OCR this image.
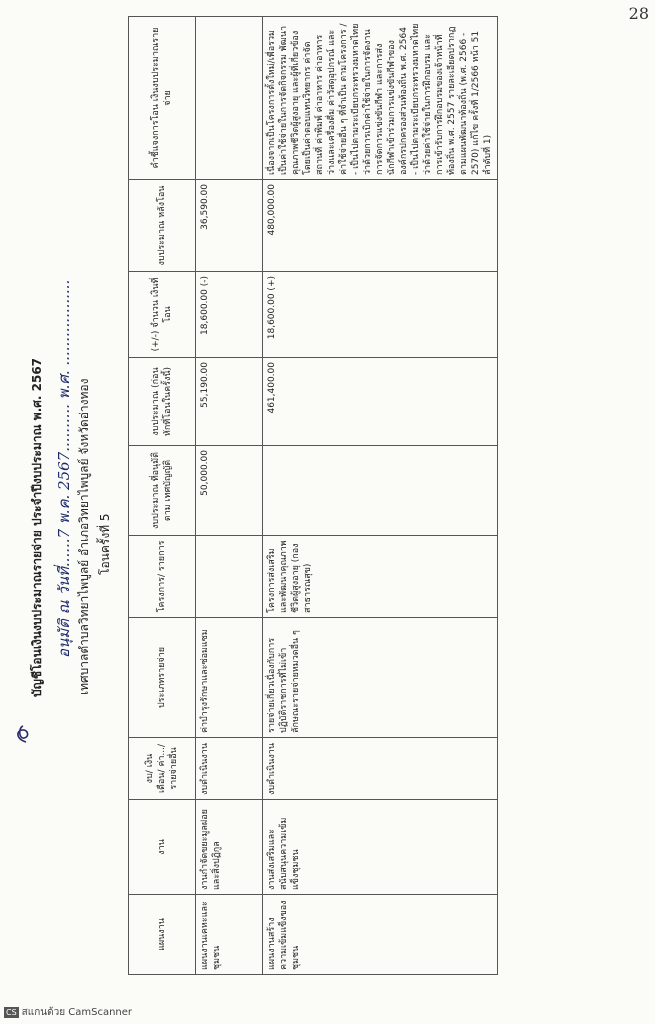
28
บัญชีโอนเงินงบประมาณรายจ่าย ประจำปีงบประมาณ พ.ศ. 2567 อนุมัติ ณ วันที่......7 พ.ค. 2567.......... พ.ศ. .................. เทศบาลตำบลวิทยาไพบูลย์ อำเภอวิทยาไพบูลย์ จังหวัดอ่างทอง โอนครั้งที่ 5
แผนงาน	งาน	งบ/ เงินเดือน/ ค่า.../ รายจ่ายอื่น	ประเภทรายจ่าย	โครงการ/ รายการ	งบประมาณ ที่อนุมัติตาม เทศบัญญัติ	งบประมาณ (ก่อนหักที่โอนในครั้งนี้)	(+/-) จำนวน เงินที่โอน	งบประมาณ หลังโอน	คำชี้แจงการโอน เงินงบประมาณรายจ่าย
แผนงานเคหะและชุมชน	งานกำจัดขยะมูลฝอยและสิ่งปฏิกูล	งบดำเนินงาน	ค่าบำรุงรักษาและซ่อมแซม		50,000.00	55,190.00	18,600.00 (-)	36,590.00	
แผนงานสร้างความเข้มแข็งของชุมชน	งานส่งเสริมและสนับสนุนความเข้มแข็งชุมชน	งบดำเนินงาน	รายจ่ายเกี่ยวเนื่องกับการปฏิบัติราชการที่ไม่เข้าลักษณะรายจ่ายหมวดอื่น ๆ	โครงการส่งเสริมและพัฒนาคุณภาพชีวิตผู้สูงอายุ (กองสาธารณสุข)		461,400.00	18,600.00 (+)	480,000.00	เนื่องจากเป็นโครงการตั้งใหม่/เพื่อรวมเป็นค่าใช้จ่ายในการจัดกิจกรรม พัฒนาคุณภาพชีวิตผู้สูงอายุ และผู้ที่เกี่ยวข้อง โดยเป็นค่าตอบแทนวิทยากร ค่าจัดสถานที่ ค่าพิมพ์ ค่าอาหาร ค่าอาหารว่างและเครื่องดื่ม ค่าวัสดุอุปกรณ์ และค่าใช้จ่ายอื่น ๆ ที่จำเป็น ตามโครงการ / - เป็นไปตามระเบียบกระทรวงมหาดไทย ว่าด้วยการเบิกค่าใช้จ่ายในการจัดงาน การจัดการแข่งขันกีฬา และการส่งนักกีฬาเข้าร่วมการแข่งขันกีฬาขององค์กรปกครองส่วนท้องถิ่น พ.ศ. 2564 - เป็นไปตามระเบียบกระทรวงมหาดไทย ว่าด้วยค่าใช้จ่ายในการฝึกอบรม และการเข้ารับการฝึกอบรมของเจ้าหน้าที่ท้องถิ่น พ.ศ. 2557 รายละเอียดปรากฏตามแผนพัฒนาท้องถิ่น (พ.ศ. 2566 - 2570) แก้ไข ครั้งที่ 1/2566 หน้า 51 ลำดับที่ 1)
CS สแกนด้วย CamScanner
